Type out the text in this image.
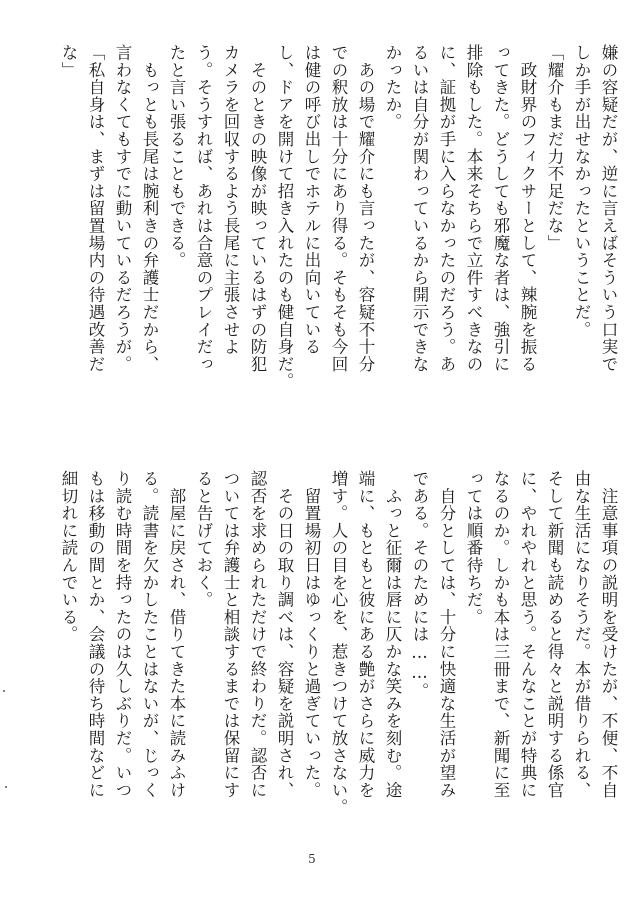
嫌の容疑だが、逆に言えばそういう口実で
しか手が出せなかったということだ。
「耀介もまだ力不足だな」
　政財界のフィクサーとして、辣腕を振る
ってきた。どうしても邪魔な者は、強引に
排除もした。本来そちらで立件すべきなの
に、証拠が手に入らなかったのだろう。あ
るいは自分が関わっているから開示できな
かったか。
　あの場で耀介にも言ったが、容疑不十分
での釈放は十分にあり得る。そもそも今回
は健の呼び出しでホテルに出向いている
し、ドアを開けて招き入れたのも健自身だ。
　そのときの映像が映っているはずの防犯
カメラを回収するよう長尾に主張させよ
う。そうすれば、あれは合意のプレイだっ
たと言い張ることもできる。
　もっとも長尾は腕利きの弁護士だから、
言わなくてもすでに動いているだろうが。
「私自身は、まずは留置場内の待遇改善だ
な」
　注意事項の説明を受けたが、不便、不自
由な生活になりそうだ。本が借りられる、
そして新聞も読めると得々と説明する係官
に、やれやれと思う。そんなことが特典に
なるのか。しかも本は三冊まで、新聞に至
っては順番待ちだ。
　自分としては、十分に快適な生活が望み
である。そのためには……。
　ふっと征爾は唇に仄かな笑みを刻む。途
端に、もともと彼にある艶がさらに威力を
増す。人の目を心を、惹きつけて放さない。
　留置場初日はゆっくりと過ぎていった。
　その日の取り調べは、容疑を説明され、
認否を求められただけで終わりだ。認否に
ついては弁護士と相談するまでは保留にす
ると告げておく。
　部屋に戻され、借りてきた本に読みふけ
る。読書を欠かしたことはないが、じっく
り読む時間を持ったのは久しぶりだ。いつ
もは移動の間とか、会議の待ち時間などに
細切れに読んでいる。
5
